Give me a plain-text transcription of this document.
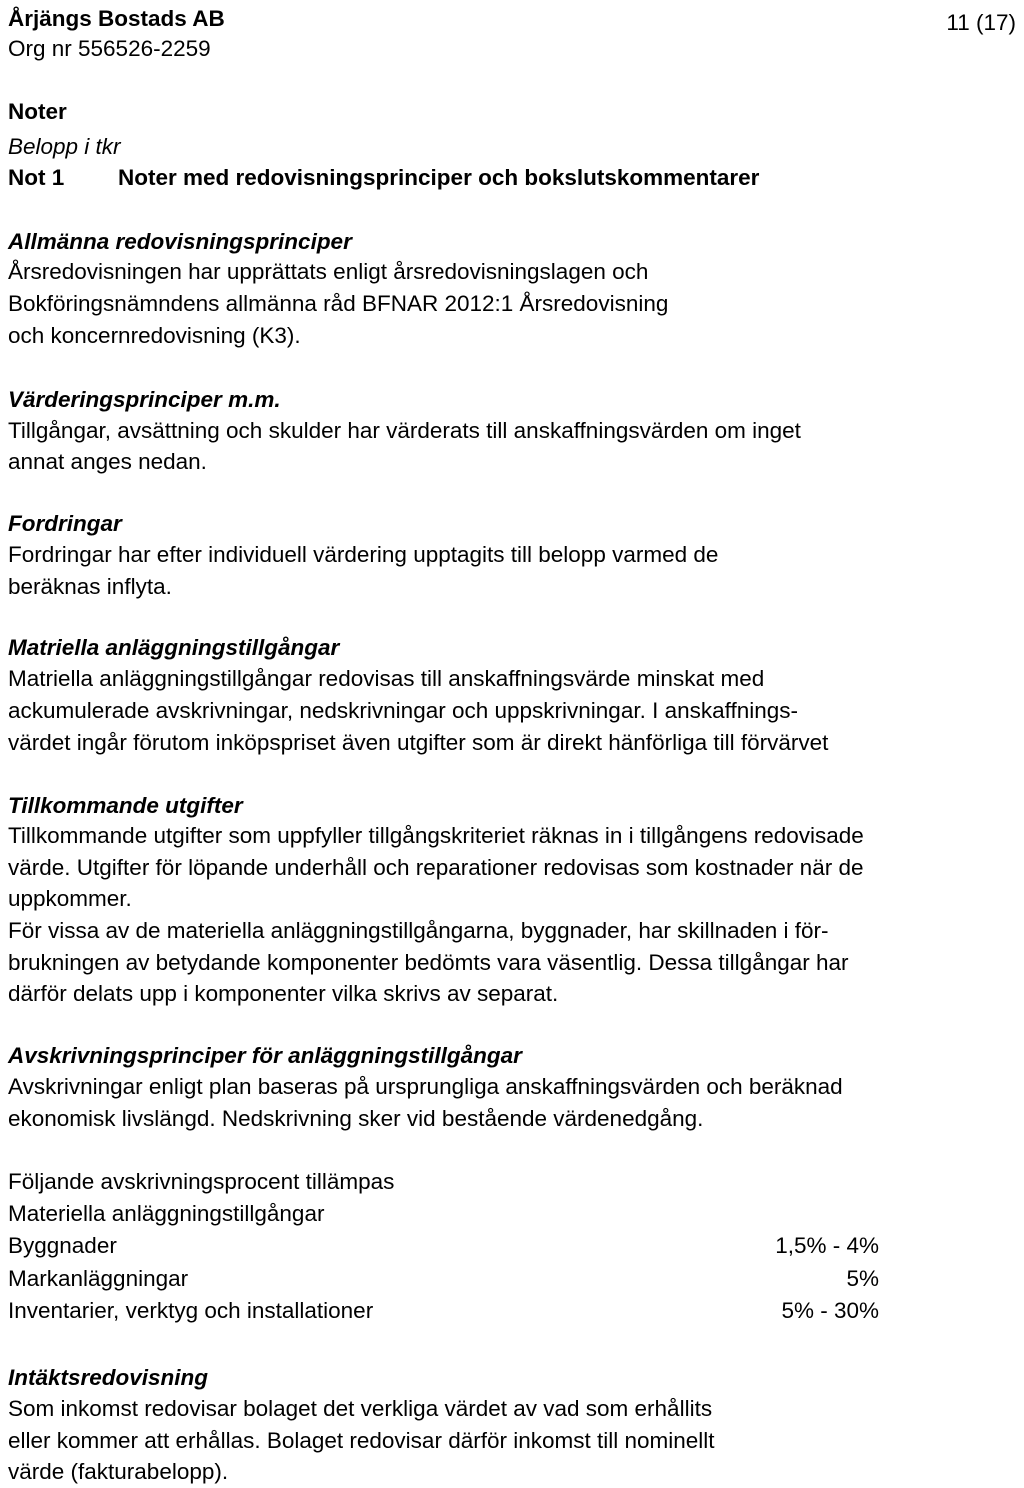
Årjängs Bostads AB
Org nr 556526-2259
11 (17)
Noter
Belopp i tkr
Not 1 Noter med redovisningsprinciper och bokslutskommentarer
Allmänna redovisningsprinciper
Årsredovisningen har upprättats enligt årsredovisningslagen och
Bokföringsnämndens allmänna råd BFNAR 2012:1 Årsredovisning
och koncernredovisning (K3).
Värderingsprinciper m.m.
Tillgångar, avsättning och skulder har värderats till anskaffningsvärden om inget
annat anges nedan.
Fordringar
Fordringar har efter individuell värdering upptagits till belopp varmed de
beräknas inflyta.
Matriella anläggningstillgångar
Matriella anläggningstillgångar redovisas till anskaffningsvärde minskat med
ackumulerade avskrivningar, nedskrivningar och uppskrivningar. I anskaffnings-
värdet ingår förutom inköpspriset även utgifter som är direkt hänförliga till förvärvet
Tillkommande utgifter
Tillkommande utgifter som uppfyller tillgångskriteriet räknas in i tillgångens redovisade
värde. Utgifter för löpande underhåll och reparationer redovisas som kostnader när de
uppkommer.
För vissa av de materiella anläggningstillgångarna, byggnader, har skillnaden i för-
brukningen av betydande komponenter bedömts vara väsentlig. Dessa tillgångar har
därför delats upp i komponenter vilka skrivs av separat.
Avskrivningsprinciper för anläggningstillgångar
Avskrivningar enligt plan baseras på ursprungliga anskaffningsvärden och beräknad
ekonomisk livslängd. Nedskrivning sker vid bestående värdenedgång.
Följande avskrivningsprocent tillämpas
Materiella anläggningstillgångar
Byggnader	1,5% - 4%
Markanläggningar	5%
Inventarier, verktyg och installationer	5% - 30%
Intäktsredovisning
Som inkomst redovisar bolaget det verkliga värdet av vad som erhållits
eller kommer att erhållas. Bolaget redovisar därför inkomst till nominellt
värde (fakturabelopp).
